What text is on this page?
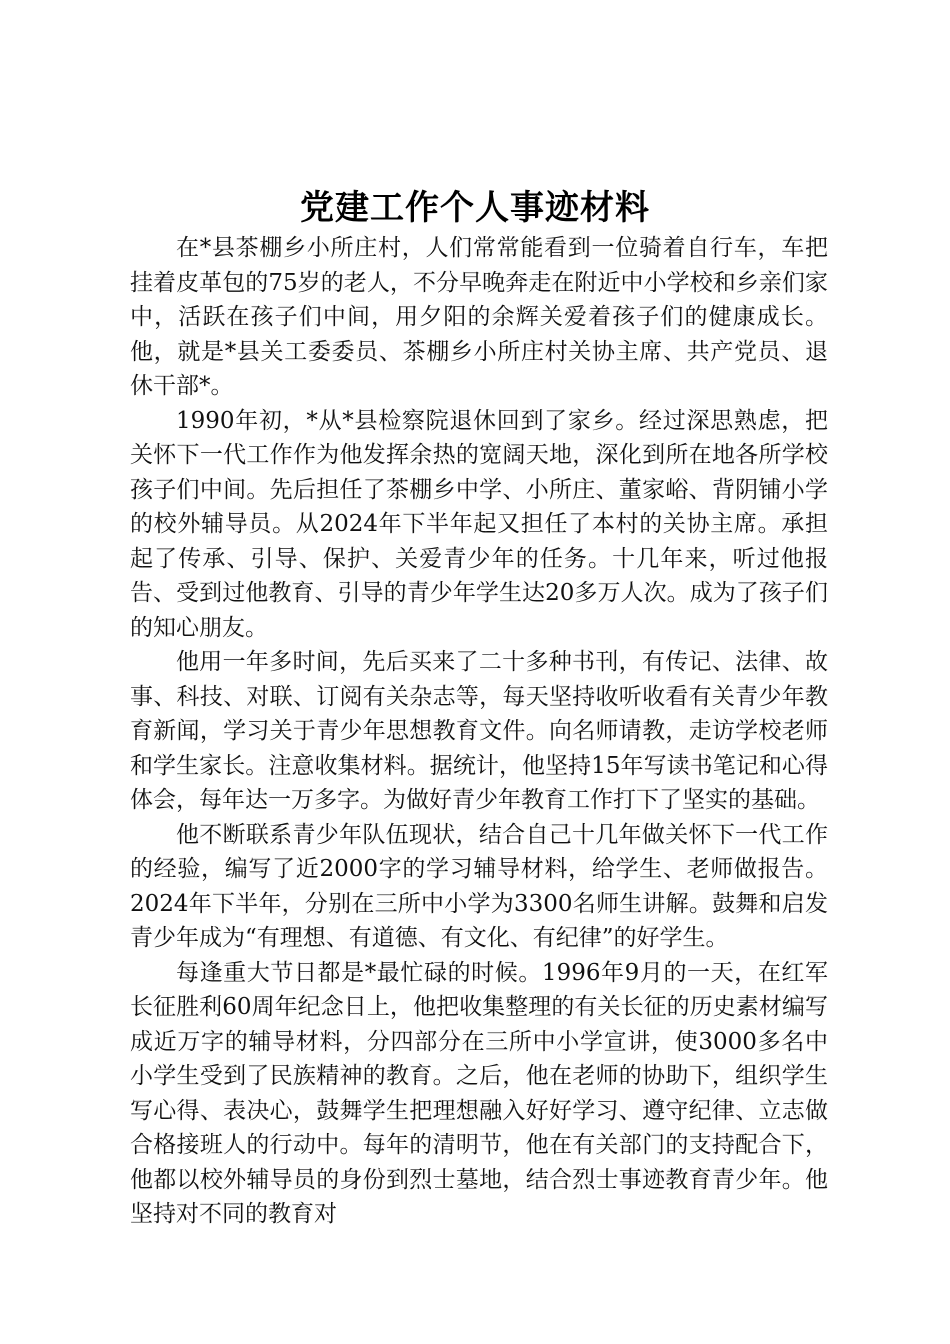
党建工作个人事迹材料

在*县茶棚乡小所庄村，人们常常能看到一位骑着自行车，车把挂着皮革包的75岁的老人，不分早晚奔走在附近中小学校和乡亲们家中，活跃在孩子们中间，用夕阳的余辉关爱着孩子们的健康成长。他，就是*县关工委委员、茶棚乡小所庄村关协主席、共产党员、退休干部*。

1990年初，*从*县检察院退休回到了家乡。经过深思熟虑，把关怀下一代工作作为他发挥余热的宽阔天地，深化到所在地各所学校孩子们中间。先后担任了茶棚乡中学、小所庄、董家峪、背阴铺小学的校外辅导员。从2024年下半年起又担任了本村的关协主席。承担起了传承、引导、保护、关爱青少年的任务。十几年来，听过他报告、受到过他教育、引导的青少年学生达20多万人次。成为了孩子们的知心朋友。

他用一年多时间，先后买来了二十多种书刊，有传记、法律、故事、科技、对联、订阅有关杂志等，每天坚持收听收看有关青少年教育新闻，学习关于青少年思想教育文件。向名师请教，走访学校老师和学生家长。注意收集材料。据统计，他坚持15年写读书笔记和心得体会，每年达一万多字。为做好青少年教育工作打下了坚实的基础。

他不断联系青少年队伍现状，结合自己十几年做关怀下一代工作的经验，编写了近2000字的学习辅导材料，给学生、老师做报告。2024年下半年，分别在三所中小学为3300名师生讲解。鼓舞和启发青少年成为“有理想、有道德、有文化、有纪律”的好学生。

每逢重大节日都是*最忙碌的时候。1996年9月的一天，在红军长征胜利60周年纪念日上，他把收集整理的有关长征的历史素材编写成近万字的辅导材料，分四部分在三所中小学宣讲，使3000多名中小学生受到了民族精神的教育。之后，他在老师的协助下，组织学生写心得、表决心，鼓舞学生把理想融入好好学习、遵守纪律、立志做合格接班人的行动中。每年的清明节，他在有关部门的支持配合下，他都以校外辅导员的身份到烈士墓地，结合烈士事迹教育青少年。他坚持对不同的教育对
